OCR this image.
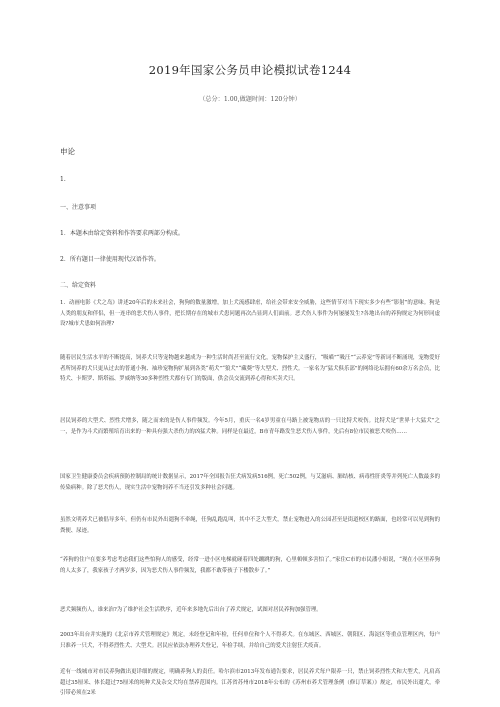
2019年国家公务员申论模拟试卷1244
（总分：1.00,做题时间：120分钟）
申论
1.
一、注意事项
1．本题本由给定资料和作答要求两部分构成。
2．所有题目一律使用现代汉语作答。
二、给定资料
1．动画电影《犬之岛》讲述20年后的未来社会，狗狗的数量激增，加上犬流感肆虐，给社会带来安全威胁，这些情节对当下现实多少有些“影射”的意味。狗是人类的朋友和伴侣，但一连串的恶犬伤人事件，把长期存在的城市犬患问题再次凸显到人们面前。恶犬伤人事件为何屡屡发生?各地出台的养狗规定为何形同虚设?城市犬患如何治理?
随着居民生活水平的不断提高，饲养犬只等宠物越来越成为一种生活时尚甚至流行文化，宠物保护主义盛行，“吸喵”“吸汪”“云养宠”等新词不断涌现，宠物爱好者所饲养的犬只更从过去的普通小狗、袖珍宠物狗扩展到各类“萌犬”“狼犬”“藏獒”等大型犬、烈性犬。一家名为“猛犬俱乐部”的网络论坛拥有60余万名会员，比特犬、卡斯罗、斯塔福、罗威纳等30多种烈性犬都有专门的版面，供会员交流到养心得和买卖犬只。
居民饲养的大型犬、烈性犬增多，随之而来的是伤人事件频发。今年5月，重庆一名4岁男童在马路上被宠物店的一只比特犬咬伤。比特犬是“世界十大猛犬”之一，是作为斗犬而繁殖培育出来的一种具有强大杀伤力的凶猛犬种。同样是在最近，B市青年路发生恶犬伤人事件，先后有8位市民被恶犬咬伤……
国家卫生健康委员会疾病预防控制局的统计数据显示，2017年全国报告狂犬病发病516例，死亡502例，与艾滋病、肺结核、病毒性肝炎等并列死亡人数最多的传染病种。除了恶犬伤人，现实生活中宠物饲养不当还引发多种社会问题。
虽然文明养犬已被倡导多年，但仍有市民外出遛狗不牵绳，任狗乱跑乱叫，其中不乏大型犬，禁止宠物进入的公园甚至是街道校区的路面，也经常可以见到狗的粪便、尿迹。
“养狗的住户在要多考虑考虑我们这些怕狗人的感受，经常一进小区电梯就碰着四处蹦跳的狗，心里頓頓多害怕了。”家住C市的市民潘小姐说，“现在小区里养狗的人太多了，我家孩子才两岁多，因为恶犬伤人事件频发，我都不敢带孩子下楼散步了。”
恶犬频频伤人，谁来治?为了维护社会生活秩序，近年来多地先后出台了养犬规定，试图对居民养狗加强管理。
2003年出台并实施的《北京市养犬管理规定》规定，未经登记和年检，任何单位和个人不得养犬。在东城区、西城区、朝阳区、海淀区等重点管理区内，每户只准养一只犬，不得养烈性犬、大型犬。居民应依法办理养犬登记，年检手续，并给自己的爱犬注射狂犬疫苗。
近有一线城市对市民养狗做出更详细的规定，明确养狗人的责任。哈尔滨市2013年发布通告要求，居民养犬每户限养一只，禁止饲养烈性犬和大型犬，凡肩高超过35厘米、体长超过75厘米的纯种犬及杂交犬均在禁养范围内。江苏省苏州市2018年公布的《苏州市养犬管理条例（修订草案）》规定，市民外出遛犬，牵引带必须在2米
